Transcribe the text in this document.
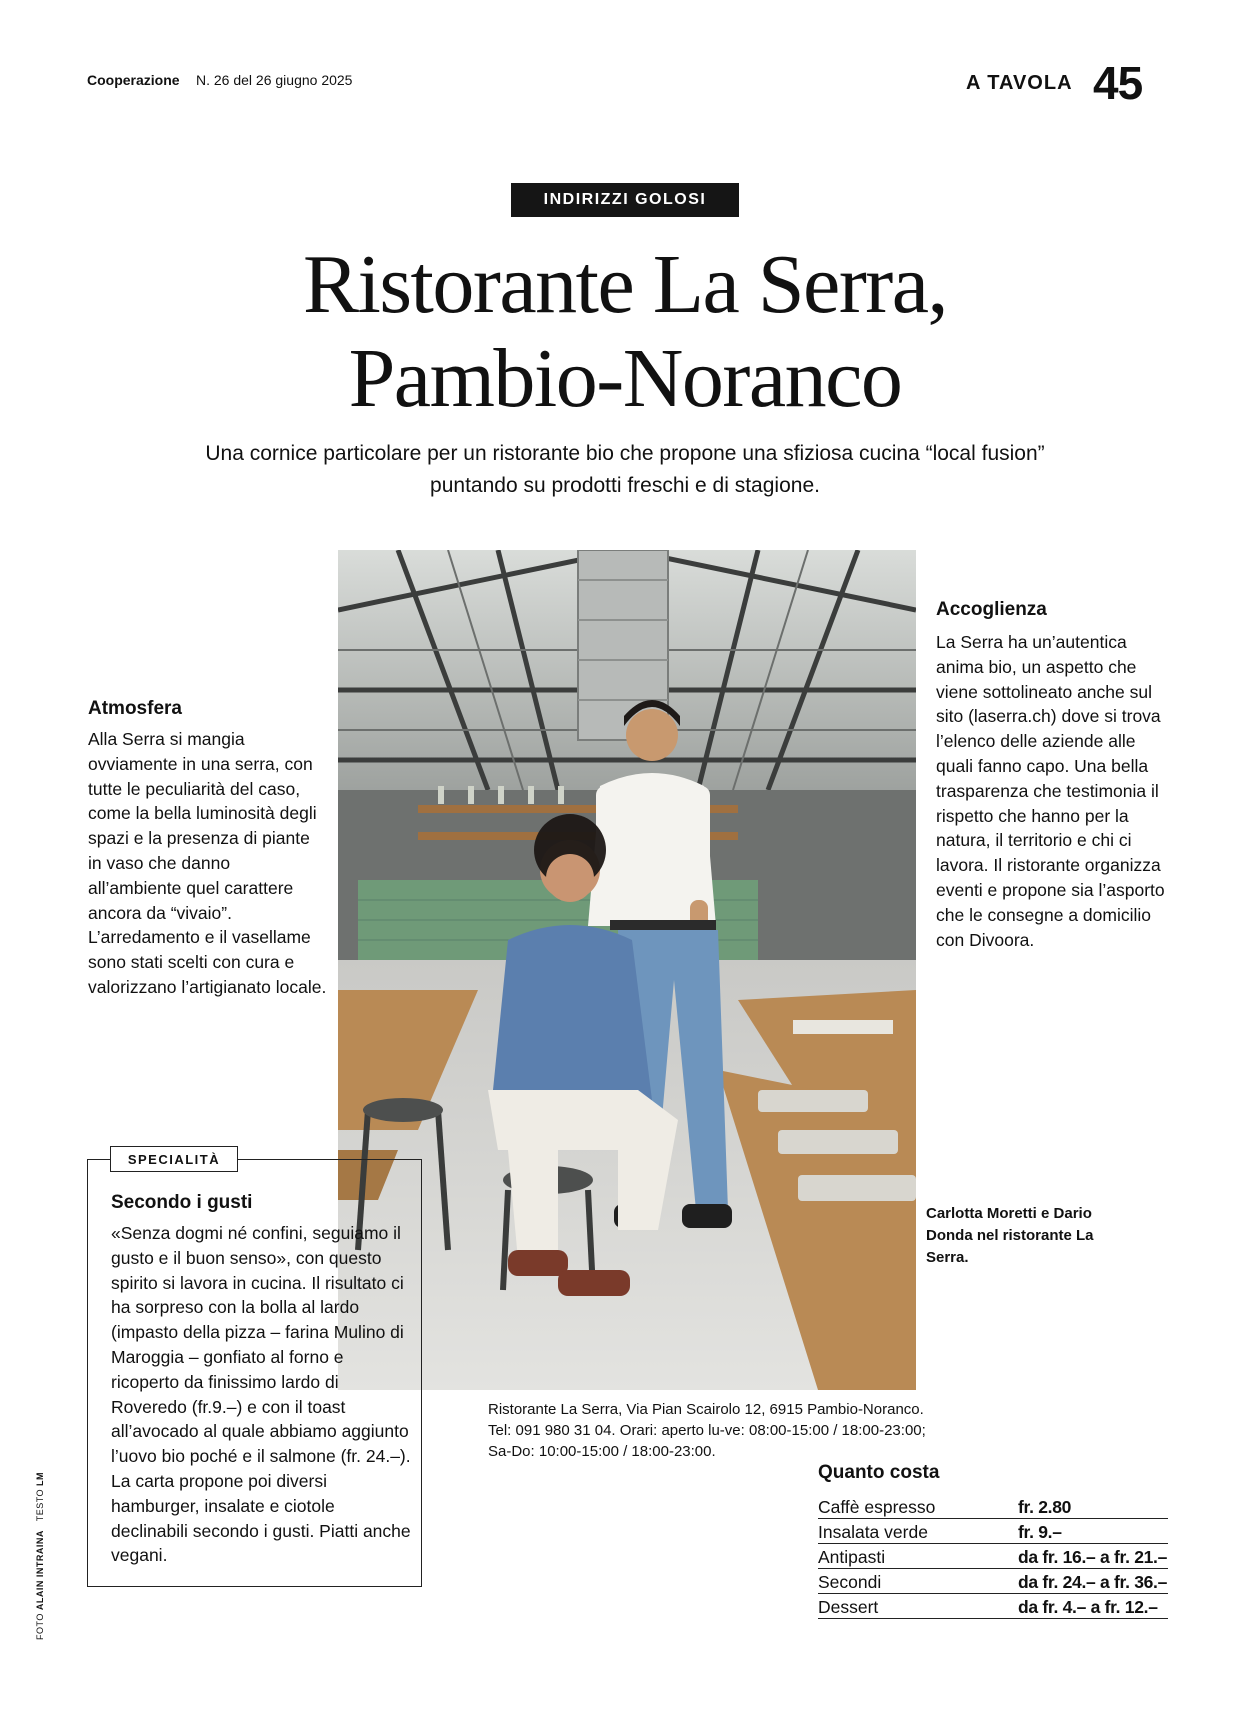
Cooperazione N. 26 del 26 giugno 2025	A TAVOLA 45
INDIRIZZI GOLOSI
Ristorante La Serra,
Pambio-Noranco
Una cornice particolare per un ristorante bio che propone una sfiziosa cucina “local fusion” puntando su prodotti freschi e di stagione.
Atmosfera
Alla Serra si mangia ovviamente in una serra, con tutte le peculiarità del caso, come la bella luminosità degli spazi e la presenza di piante in vaso che danno all’ambiente quel carattere ancora da “vivaio”. L’arredamento e il vasellame sono stati scelti con cura e valorizzano l’artigianato locale.
Accoglienza
La Serra ha un’autentica anima bio, un aspetto che viene sottolineato anche sul sito (laserra.ch) dove si trova l’elenco delle aziende alle quali fanno capo. Una bella trasparenza che testimonia il rispetto che hanno per la natura, il territorio e chi ci lavora. Il ristorante organizza eventi e propone sia l’asporto che le consegne a domicilio con Divoora.
SPECIALITÀ
Secondo i gusti
«Senza dogmi né confini, seguiamo il gusto e il buon senso», con questo spirito si lavora in cucina. Il risultato ci ha sorpreso con la bolla al lardo (impasto della pizza – farina Mulino di Maroggia – gonfiato al forno e ricoperto da finissimo lardo di Roveredo (fr.9.–) e con il toast all’avocado al quale abbiamo aggiunto l’uovo bio poché e il salmone (fr. 24.–). La carta propone poi diversi hamburger, insalate e ciotole declinabili secondo i gusti. Piatti anche vegani.
Carlotta Moretti e Dario Donda nel ristorante La Serra.
Ristorante La Serra, Via Pian Scairolo 12, 6915 Pambio-Noranco. Tel: 091 980 31 04. Orari: aperto lu-ve: 08:00-15:00 / 18:00-23:00; Sa-Do: 10:00-15:00 / 18:00-23:00.
Quanto costa
Caffè espresso	fr. 2.80
Insalata verde	fr. 9.–
Antipasti	da fr. 16.– a fr. 21.–
Secondi	da fr. 24.– a fr. 36.–
Dessert	da fr. 4.– a fr. 12.–
FOTO ALAIN INTRAINA   TESTO LM
